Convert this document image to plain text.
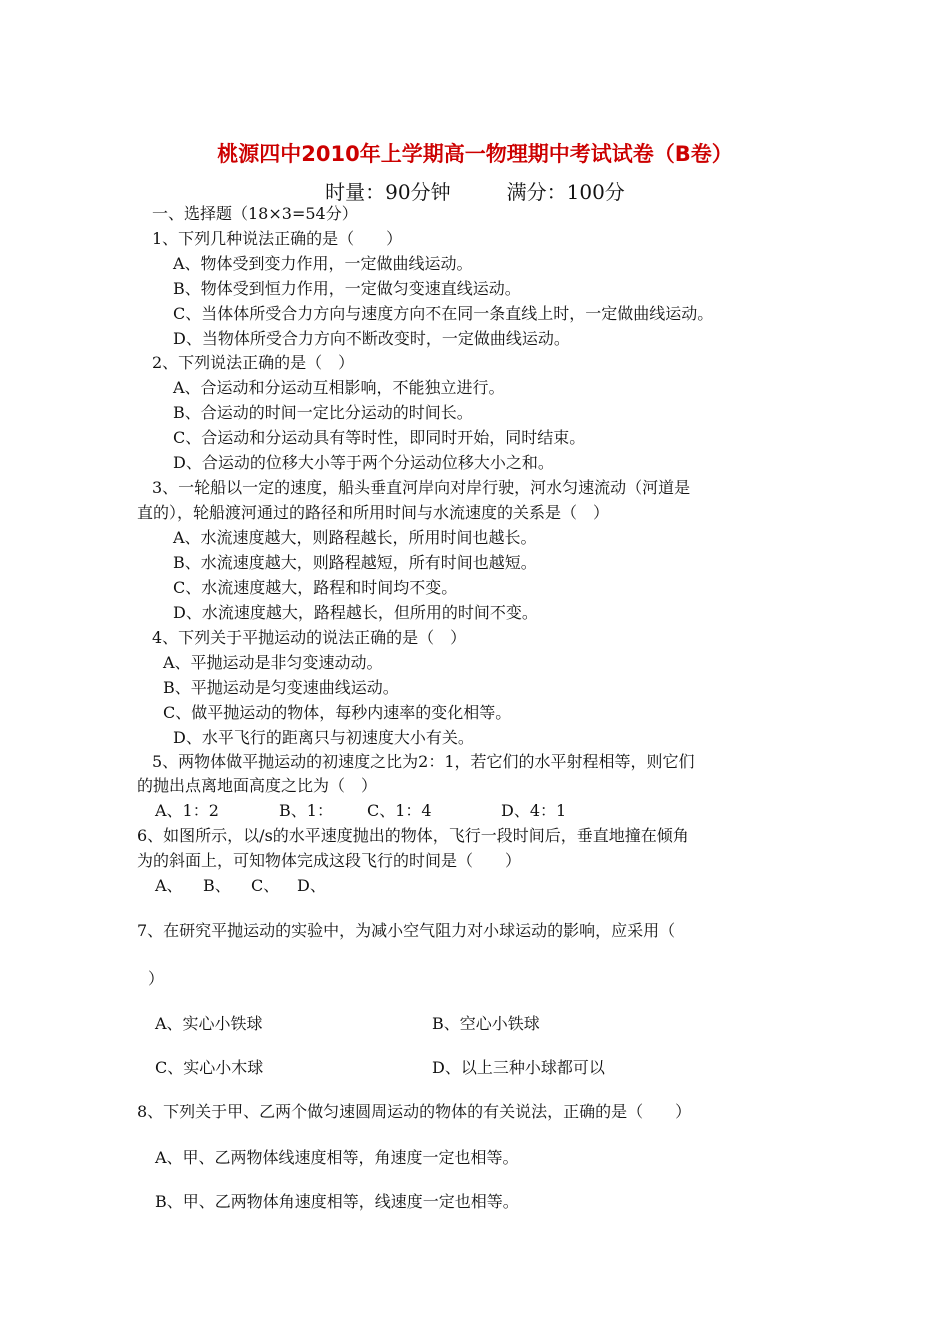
桃源四中2010年上学期高一物理期中考试试卷（B卷）
时量：90分钟	满分：100分
一、选择题（18×3=54分）
1、下列几种说法正确的是（　　）
A、物体受到变力作用，一定做曲线运动。
B、物体受到恒力作用，一定做匀变速直线运动。
C、当体体所受合力方向与速度方向不在同一条直线上时，一定做曲线运动。
D、当物体所受合力方向不断改变时，一定做曲线运动。
2、下列说法正确的是（　）
A、合运动和分运动互相影响，不能独立进行。
B、合运动的时间一定比分运动的时间长。
C、合运动和分运动具有等时性，即同时开始，同时结束。
D、合运动的位移大小等于两个分运动位移大小之和。
3、一轮船以一定的速度，船头垂直河岸向对岸行驶，河水匀速流动（河道是
直的），轮船渡河通过的路径和所用时间与水流速度的关系是（　）
A、水流速度越大，则路程越长，所用时间也越长。
B、水流速度越大，则路程越短，所有时间也越短。
C、水流速度越大，路程和时间均不变。
D、水流速度越大，路程越长，但所用的时间不变。
4、下列关于平抛运动的说法正确的是（　）
A、平抛运动是非匀变速动动。
B、平抛运动是匀变速曲线运动。
C、做平抛运动的物体，每秒内速率的变化相等。
D、水平飞行的距离只与初速度大小有关。
5、两物体做平抛运动的初速度之比为2：1，若它们的水平射程相等，则它们
的抛出点离地面高度之比为（　）
A、1：2	B、1： C、1：4	D、4：1
6、如图所示，以/s的水平速度抛出的物体，飞行一段时间后，垂直地撞在倾角
为的斜面上，可知物体完成这段飞行的时间是（　　）
A、 B、 C、 D、
7、在研究平抛运动的实验中，为减小空气阻力对小球运动的影响，应采用（
）
A、实心小铁球	B、空心小铁球
C、实心小木球	D、以上三种小球都可以
8、下列关于甲、乙两个做匀速圆周运动的物体的有关说法，正确的是（　　）
A、甲、乙两物体线速度相等，角速度一定也相等。
B、甲、乙两物体角速度相等，线速度一定也相等。
